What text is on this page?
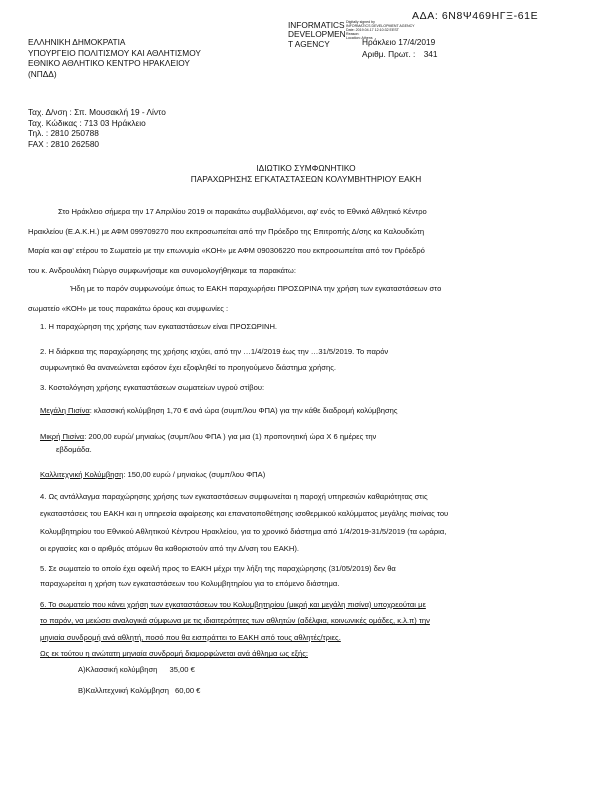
ΑΔΑ: 6Ν8Ψ469ΗΓΞ-61Ε
INFORMATICS
DEVELOPMEN
T AGENCY
Digitally signed by
INFORMATICS DEVELOPMENT AGENCY
Date: 2019.04.17 12:10:32 EEST
Reason:
Location: Athens
Ηράκλειο 17/4/2019
Αριθμ. Πρωτ. : 341
ΕΛΛΗΝΙΚΗ ΔΗΜΟΚΡΑΤΙΑ
ΥΠΟΥΡΓΕΙΟ ΠΟΛΙΤΙΣΜΟΥ ΚΑΙ ΑΘΛΗΤΙΣΜΟΥ
ΕΘΝΙΚΟ ΑΘΛΗΤΙΚΟ ΚΕΝΤΡΟ ΗΡΑΚΛΕΙΟΥ
(ΝΠΔΔ)
Ταχ. Δ/νση : Σπ. Μουσακλή 19 - Λίντο
Ταχ. Κώδικας : 713 03 Ηράκλειο
Τηλ. : 2810 250788
FAX : 2810 262580
ΙΔΙΩΤΙΚΟ ΣΥΜΦΩΝΗΤΙΚΟ
ΠΑΡΑΧΩΡΗΣΗΣ ΕΓΚΑΤΑΣΤΑΣΕΩΝ ΚΟΛΥΜΒΗΤΗΡΙΟΥ ΕΑΚΗ
Στο Ηράκλειο σήμερα την 17 Απριλίου 2019 οι παρακάτω συμβαλλόμενοι, αφ' ενός το Εθνικό Αθλητικό Κέντρο
Ηρακλείου (Ε.Α.Κ.Η.) με ΑΦΜ 099709270 που εκπροσωπείται από την Πρόεδρο της Επιτροπής Δ/σης κα Καλουδιώτη
Μαρία και αφ' ετέρου το Σωματείο με την επωνυμία «ΚΟΗ» με ΑΦΜ 090306220 που εκπροσωπείται από τον Πρόεδρό
του κ. Ανδρουλάκη Γιώργο συμφωνήσαμε και συνομολογήθηκαμε τα παρακάτω:
Ήδη με το παρόν συμφωνούμε όπως το ΕΑΚΗ παραχωρήσει ΠΡΟΣΩΡΙΝΑ την χρήση των εγκαταστάσεων στο
σωματείο «ΚΟΗ» με τους παρακάτω όρους και συμφωνίες :
1. Η παραχώρηση της χρήσης των εγκαταστάσεων είναι ΠΡΟΣΩΡΙΝΗ.
2. Η διάρκεια της παραχώρησης της χρήσης ισχύει, από την …1/4/2019 έως την …31/5/2019. Το παρόν
συμφωνητικό θα ανανεώνεται εφόσον έχει εξοφληθεί το προηγούμενο διάστημα χρήσης.
3. Κοστολόγηση χρήσης εγκαταστάσεων σωματείων υγρού στίβου:
Μεγάλη Πισίνα: κλασσική κολύμβηση 1,70 € ανά ώρα (συμπ/λου ΦΠΑ) για την κάθε διαδρομή κολύμβησης
Μικρή Πισίνα: 200,00 ευρώ/ μηνιαίως (συμπ/λου ΦΠΑ ) για μια (1) προπονητική ώρα Χ 6 ημέρες την
εβδομάδα.
Καλλιτεχνική Κολύμβηση: 150,00 ευρώ / μηνιαίως (συμπ/λου ΦΠΑ)
4. Ως αντάλλαγμα παραχώρησης χρήσης των εγκαταστάσεων συμφωνείται η παροχή υπηρεσιών καθαριότητας στις
εγκαταστάσεις του ΕΑΚΗ και η υπηρεσία αφαίρεσης και επανατοποθέτησης ισοθερμικού καλύμματος μεγάλης πισίνας του
Κολυμβητηρίου του Εθνικού Αθλητικού Κέντρου Ηρακλείου, για το χρονικό διάστημα από 1/4/2019-31/5/2019 (τα ωράρια,
οι εργασίες και ο αριθμός ατόμων θα καθοριστούν από την Δ/νση του ΕΑΚΗ).
5. Σε σωματείο το οποίο έχει οφειλή προς το ΕΑΚΗ μέχρι την λήξη της παραχώρησης (31/05/2019) δεν θα
παραχωρείται η χρήση των εγκαταστάσεων του Κολυμβητηρίου για το επόμενο διάστημα.
6. Το σωματείο που κάνει χρήση των εγκαταστάσεων του Κολυμβητηρίου (μικρή και μεγάλη πισίνα) υποχρεούται με
το παρόν, να μειώσει αναλογικά σύμφωνα με τις ιδιαιτερότητες των αθλητών (αδέλφια, κοινωνικές ομάδες, κ.λ.π) την
μηνιαία συνδρομή ανά αθλητή, ποσό που θα εισπράττει το ΕΑΚΗ από τους αθλητές/τριες.
Ως εκ τούτου η ανώτατη μηνιαία συνδρομή διαμορφώνεται ανά άθλημα ως εξής:
Α)Κλασσική κολύμβηση 35,00 €
Β)Καλλιτεχνική Κολύμβηση 60,00 €
